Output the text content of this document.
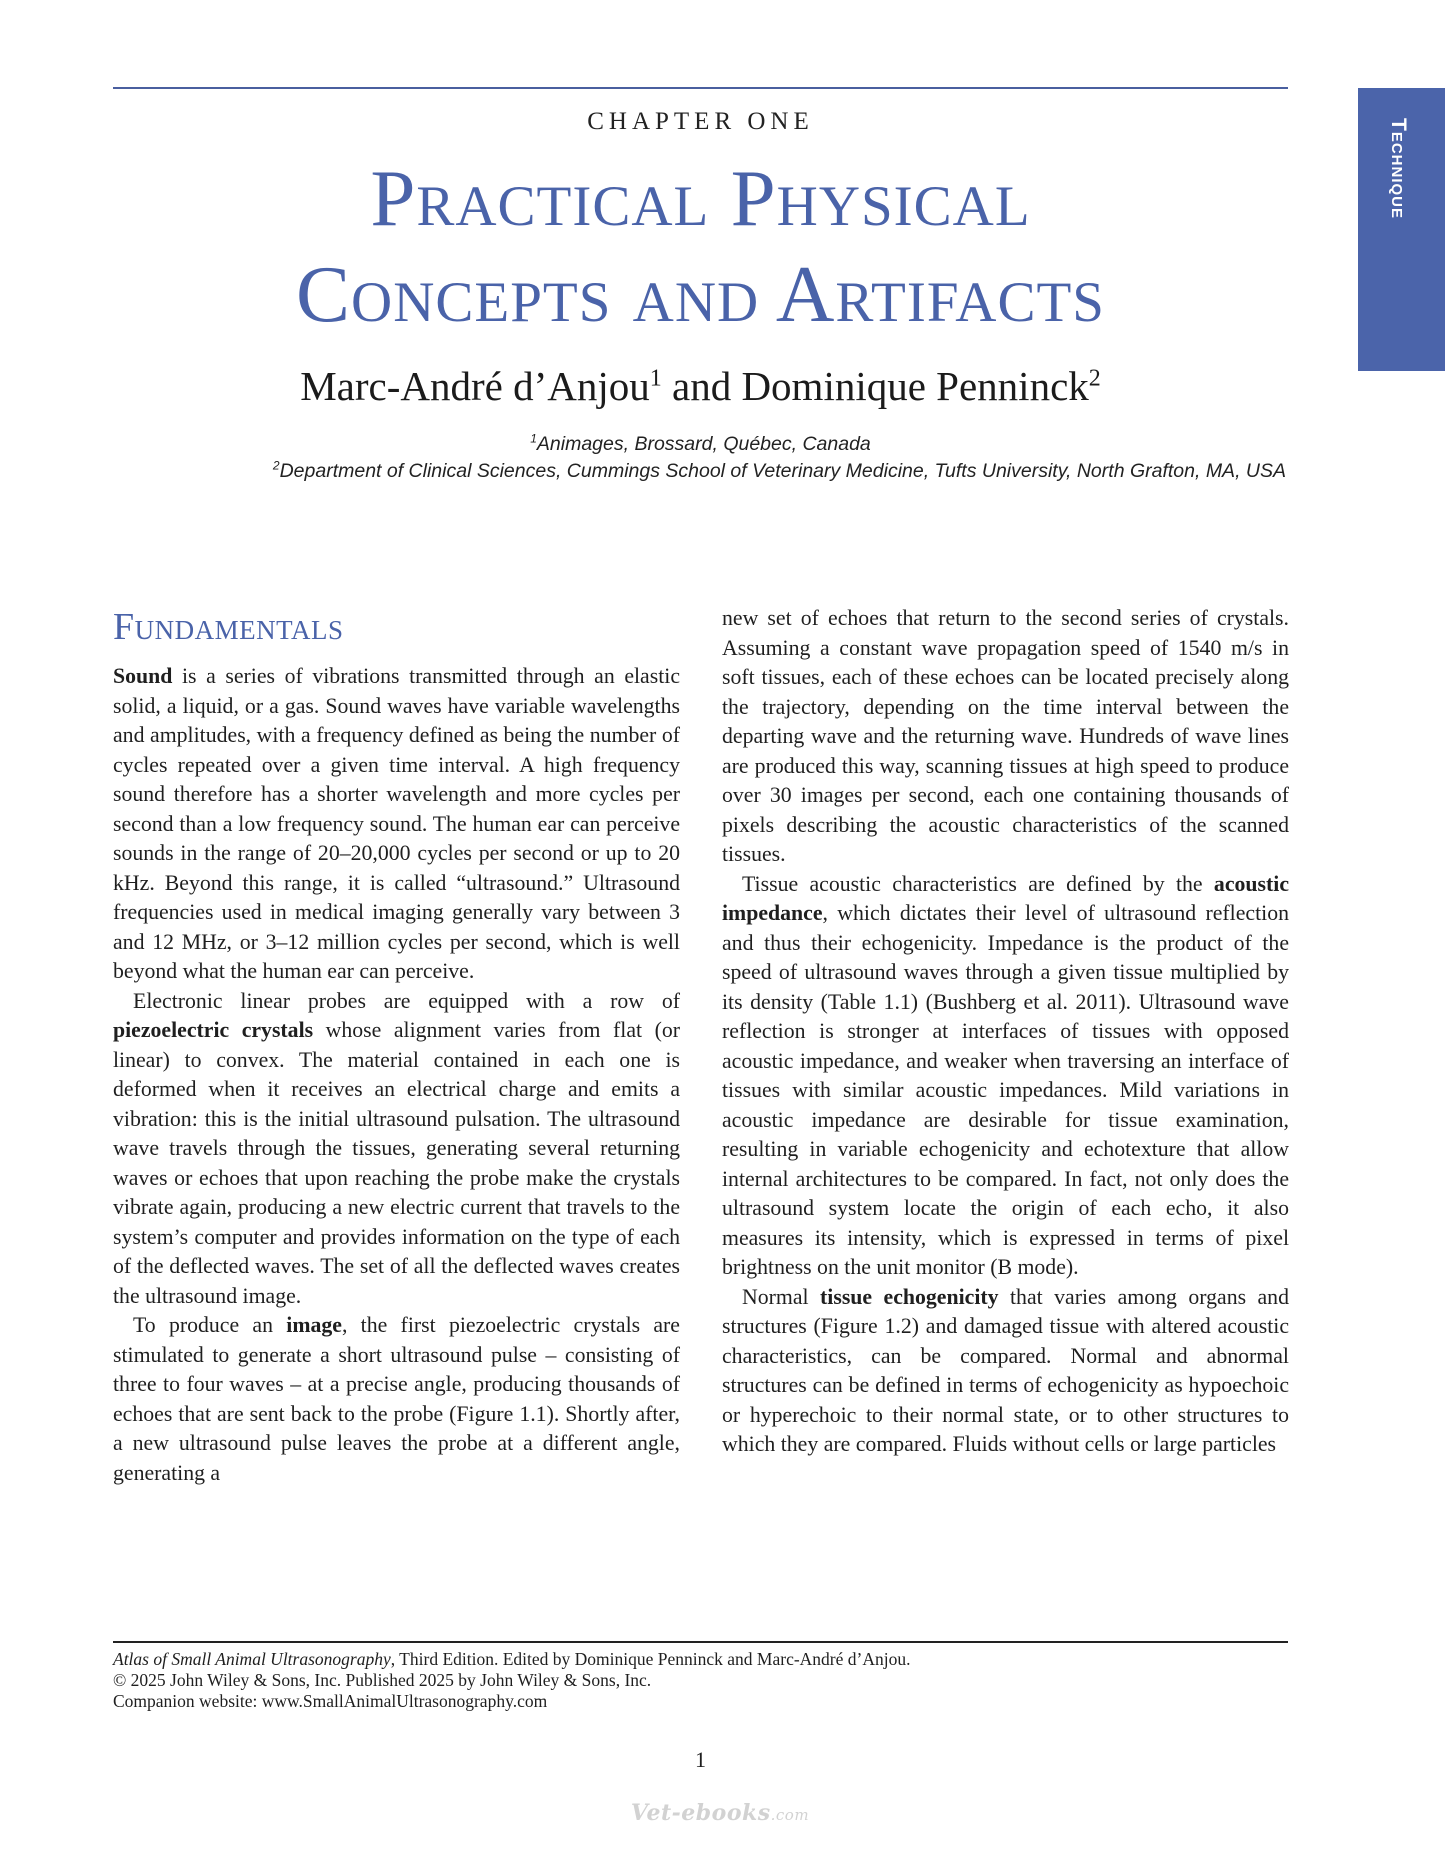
CHAPTER ONE
Practical Physical
Concepts and Artifacts
Marc-André d’Anjou$^1$ and Dominique Penninck$^2$
$^1$Animages, Brossard, Québec, Canada
$^2$Department of Clinical Sciences, Cummings School of Veterinary Medicine, Tufts University, North Grafton, MA, USA
Technique
Fundamentals

Sound is a series of vibrations transmitted through an elastic solid, a liquid, or a gas. Sound waves have variable wavelengths and amplitudes, with a frequency defined as being the number of cycles repeated over a given time interval. A high frequency sound therefore has a shorter wavelength and more cycles per second than a low frequency sound. The human ear can perceive sounds in the range of 20–20,000 cycles per second or up to 20 kHz. Beyond this range, it is called “ultrasound.” Ultrasound frequencies used in medical imaging generally vary between 3 and 12 MHz, or 3–12 million cycles per second, which is well beyond what the human ear can perceive.

Electronic linear probes are equipped with a row of piezoelectric crystals whose alignment varies from flat (or linear) to convex. The material contained in each one is deformed when it receives an electrical charge and emits a vibration: this is the initial ultrasound pulsation. The ultrasound wave travels through the tissues, generating several returning waves or echoes that upon reaching the probe make the crystals vibrate again, producing a new electric current that travels to the system’s computer and provides information on the type of each of the deflected waves. The set of all the deflected waves creates the ultrasound image.

To produce an image, the first piezoelectric crystals are stimulated to generate a short ultrasound pulse – consisting of three to four waves – at a precise angle, producing thousands of echoes that are sent back to the probe (Figure 1.1). Shortly after, a new ultrasound pulse leaves the probe at a different angle, generating a

new set of echoes that return to the second series of crystals. Assuming a constant wave propagation speed of 1540 m/s in soft tissues, each of these echoes can be located precisely along the trajectory, depending on the time interval between the departing wave and the returning wave. Hundreds of wave lines are produced this way, scanning tissues at high speed to produce over 30 images per second, each one containing thousands of pixels describing the acoustic characteristics of the scanned tissues.

Tissue acoustic characteristics are defined by the acoustic impedance, which dictates their level of ultrasound reflection and thus their echogenicity. Impedance is the product of the speed of ultrasound waves through a given tissue multiplied by its density (Table 1.1) (Bushberg et al. 2011). Ultrasound wave reflection is stronger at interfaces of tissues with opposed acoustic impedance, and weaker when traversing an interface of tissues with similar acoustic impedances. Mild variations in acoustic impedance are desirable for tissue examination, resulting in variable echogenicity and echotexture that allow internal architectures to be compared. In fact, not only does the ultrasound system locate the origin of each echo, it also measures its intensity, which is expressed in terms of pixel brightness on the unit monitor (B mode).

Normal tissue echogenicity that varies among organs and structures (Figure 1.2) and damaged tissue with altered acoustic characteristics, can be compared. Normal and abnormal structures can be defined in terms of echogenicity as hypoechoic or hyperechoic to their normal state, or to other structures to which they are compared. Fluids without cells or large particles

Atlas of Small Animal Ultrasonography, Third Edition. Edited by Dominique Penninck and Marc-André d’Anjou.
© 2025 John Wiley & Sons, Inc. Published 2025 by John Wiley & Sons, Inc.
Companion website: www.SmallAnimalUltrasonography.com
1
Vet-ebooks.com
